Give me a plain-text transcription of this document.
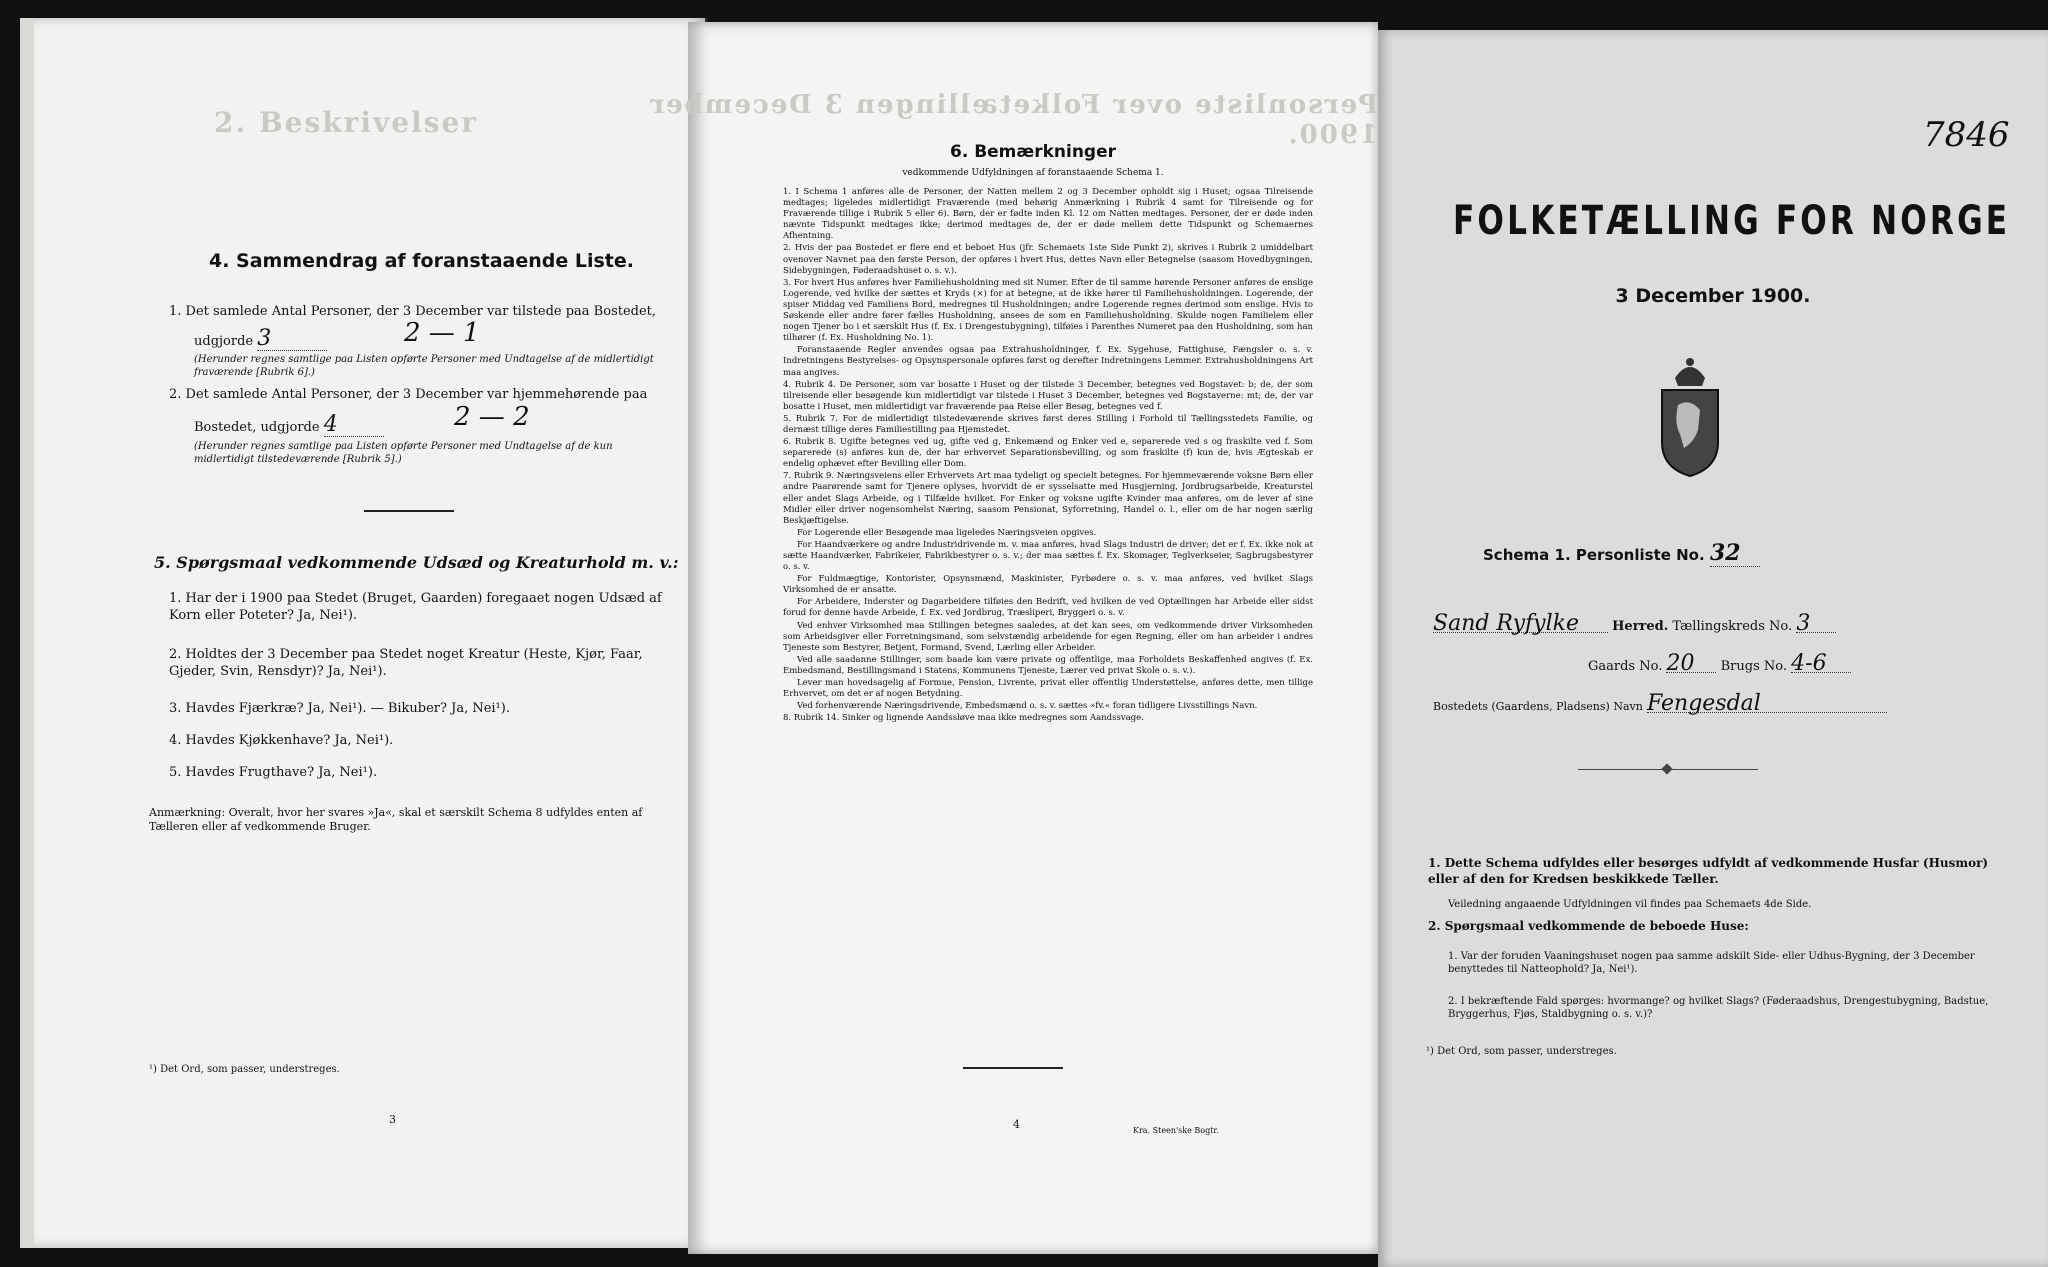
2. Beskrivelser
4. Sammendrag af foranstaaende Liste.
1. Det samlede Antal Personer, der 3 December var tilstede paa Bostedet,
udgjorde 3	2 — 1
(Herunder regnes samtlige paa Listen opførte Personer med Undtagelse af de midlertidigt fraværende [Rubrik 6].)
2. Det samlede Antal Personer, der 3 December var hjemmehørende paa
Bostedet, udgjorde 4	2 — 2
(Herunder regnes samtlige paa Listen opførte Personer med Undtagelse af de kun midlertidigt tilstedeværende [Rubrik 5].)
5. Spørgsmaal vedkommende Udsæd og Kreaturhold m. v.:
1. Har der i 1900 paa Stedet (Bruget, Gaarden) foregaaet nogen Udsæd af Korn eller Poteter? Ja, Nei¹).
2. Holdtes der 3 December paa Stedet noget Kreatur (Heste, Kjør, Faar, Gjeder, Svin, Rensdyr)? Ja, Nei¹).
3. Havdes Fjærkræ? Ja, Nei¹). — Bikuber? Ja, Nei¹).
4. Havdes Kjøkkenhave? Ja, Nei¹).
5. Havdes Frugthave? Ja, Nei¹).
Anmærkning: Overalt, hvor her svares »Ja«, skal et særskilt Schema 8 udfyldes enten af Tælleren eller af vedkommende Bruger.
¹) Det Ord, som passer, understreges.
3
Personliste over Folketællingen 3 December 1900.
6. Bemærkninger
vedkommende Udfyldningen af foranstaaende Schema 1.
1. I Schema 1 anføres alle de Personer, der Natten mellem 2 og 3 December opholdt sig i Huset; ogsaa Tilreisende medtages; ligeledes midlertidigt Fraværende (med behørig Anmærkning i Rubrik 4 samt for Tilreisende og for Fraværende tillige i Rubrik 5 eller 6). Børn, der er fødte inden Kl. 12 om Natten medtages. Personer, der er døde inden nævnte Tidspunkt medtages ikke; derimod medtages de, der er døde mellem dette Tidspunkt og Schemaernes Afhentning.
2. Hvis der paa Bostedet er flere end et beboet Hus (jfr. Schemaets 1ste Side Punkt 2), skrives i Rubrik 2 umiddelbart ovenover Navnet paa den første Person, der opføres i hvert Hus, dettes Navn eller Betegnelse (saasom Hovedbygningen, Sidebygningen, Føderaadshuset o. s. v.).
3. For hvert Hus anføres hver Familiehusholdning med sit Numer. Efter de til samme hørende Personer anføres de enslige Logerende, ved hvilke der sættes et Kryds (×) for at betegne, at de ikke hører til Familiehusholdningen. Logerende, der spiser Middag ved Familiens Bord, medregnes til Husholdningen; andre Logerende regnes derimod som enslige. Hvis to Søskende eller andre fører fælles Husholdning, ansees de som en Familiehusholdning. Skulde nogen Familielem eller nogen Tjener bo i et særskilt Hus (f. Ex. i Drengestubygning), tilføies i Parenthes Numeret paa den Husholdning, som han tilhører (f. Ex. Husholdning No. 1).
Foranstaaende Regler anvendes ogsaa paa Extrahusholdninger, f. Ex. Sygehuse, Fattighuse, Fængsler o. s. v. Indretningens Bestyrelses- og Opsynspersonale opføres først og derefter Indretningens Lemmer. Extrahusholdningens Art maa angives.
4. Rubrik 4. De Personer, som var bosatte i Huset og der tilstede 3 December, betegnes ved Bogstavet: b; de, der som tilreisende eller besøgende kun midlertidigt var tilstede i Huset 3 December, betegnes ved Bogstaverne: mt; de, der var bosatte i Huset, men midlertidigt var fraværende paa Reise eller Besøg, betegnes ved f.
5. Rubrik 7. For de midlertidigt tilstedeværende skrives først deres Stilling i Forhold til Tællingsstedets Familie, og dernæst tillige deres Familiestilling paa Hjemstedet.
6. Rubrik 8. Ugifte betegnes ved ug, gifte ved g, Enkemænd og Enker ved e, separerede ved s og fraskilte ved f. Som separerede (s) anføres kun de, der har erhvervet Separationsbevilling, og som fraskilte (f) kun de, hvis Ægteskab er endelig ophævet efter Bevilling eller Dom.
7. Rubrik 9. Næringsveiens eller Erhvervets Art maa tydeligt og specielt betegnes. For hjemmeværende voksne Børn eller andre Paarørende samt for Tjenere oplyses, hvorvidt de er sysselsatte med Husgjerning, Jordbrugsarbeide, Kreaturstel eller andet Slags Arbeide, og i Tilfælde hvilket. For Enker og voksne ugifte Kvinder maa anføres, om de lever af sine Midler eller driver nogensomhelst Næring, saasom Pensionat, Syforretning, Handel o. l., eller om de har nogen særlig Beskjæftigelse.
For Logerende eller Besøgende maa ligeledes Næringsveien opgives.
For Haandværkere og andre Industridrivende m. v. maa anføres, hvad Slags Industri de driver; det er f. Ex. ikke nok at sætte Haandværker, Fabrikeier, Fabrikbestyrer o. s. v.; der maa sættes f. Ex. Skomager, Teglverkseier, Sagbrugsbestyrer o. s. v.
For Fuldmægtige, Kontorister, Opsynsmænd, Maskinister, Fyrbødere o. s. v. maa anføres, ved hvilket Slags Virksomhed de er ansatte.
For Arbeidere, Inderster og Dagarbeidere tilføies den Bedrift, ved hvilken de ved Optællingen har Arbeide eller sidst forud for denne havde Arbeide, f. Ex. ved Jordbrug, Træsliperi, Bryggeri o. s. v.
Ved enhver Virksomhed maa Stillingen betegnes saaledes, at det kan sees, om vedkommende driver Virksomheden som Arbeidsgiver eller Forretningsmand, som selvstændig arbeidende for egen Regning, eller om han arbeider i andres Tjeneste som Bestyrer, Betjent, Formand, Svend, Lærling eller Arbeider.
Ved alle saadanne Stillinger, som baade kan være private og offentlige, maa Forholdets Beskaffenhed angives (f. Ex. Embedsmand, Bestillingsmand i Statens, Kommunens Tjeneste, Lærer ved privat Skole o. s. v.).
Lever man hovedsagelig af Formue, Pension, Livrente, privat eller offentlig Understøttelse, anføres dette, men tillige Erhvervet, om det er af nogen Betydning.
Ved forhenværende Næringsdrivende, Embedsmænd o. s. v. sættes »fv.« foran tidligere Livsstillings Navn.
8. Rubrik 14. Sinker og lignende Aandssløve maa ikke medregnes som Aandssvage.
4	Kra. Steen'ske Bogtr.
7846
FOLKETÆLLING FOR NORGE
3 December 1900.
Schema 1. Personliste No. 32
Sand Ryfylke	Herred. Tællingskreds No. 3
Gaards No. 20 Brugs No. 4-6
Bostedets (Gaardens, Pladsens) Navn Fengesdal
1. Dette Schema udfyldes eller besørges udfyldt af vedkommende Husfar (Husmor) eller af den for Kredsen beskikkede Tæller.
Veiledning angaaende Udfyldningen vil findes paa Schemaets 4de Side.
2. Spørgsmaal vedkommende de beboede Huse:
1. Var der foruden Vaaningshuset nogen paa samme adskilt Side- eller Udhus-Bygning, der 3 December benyttedes til Natteophold? Ja, Nei¹).
2. I bekræftende Fald spørges: hvormange? og hvilket Slags? (Føderaadshus, Drengestubygning, Badstue, Bryggerhus, Fjøs, Staldbygning o. s. v.)?
¹) Det Ord, som passer, understreges.
